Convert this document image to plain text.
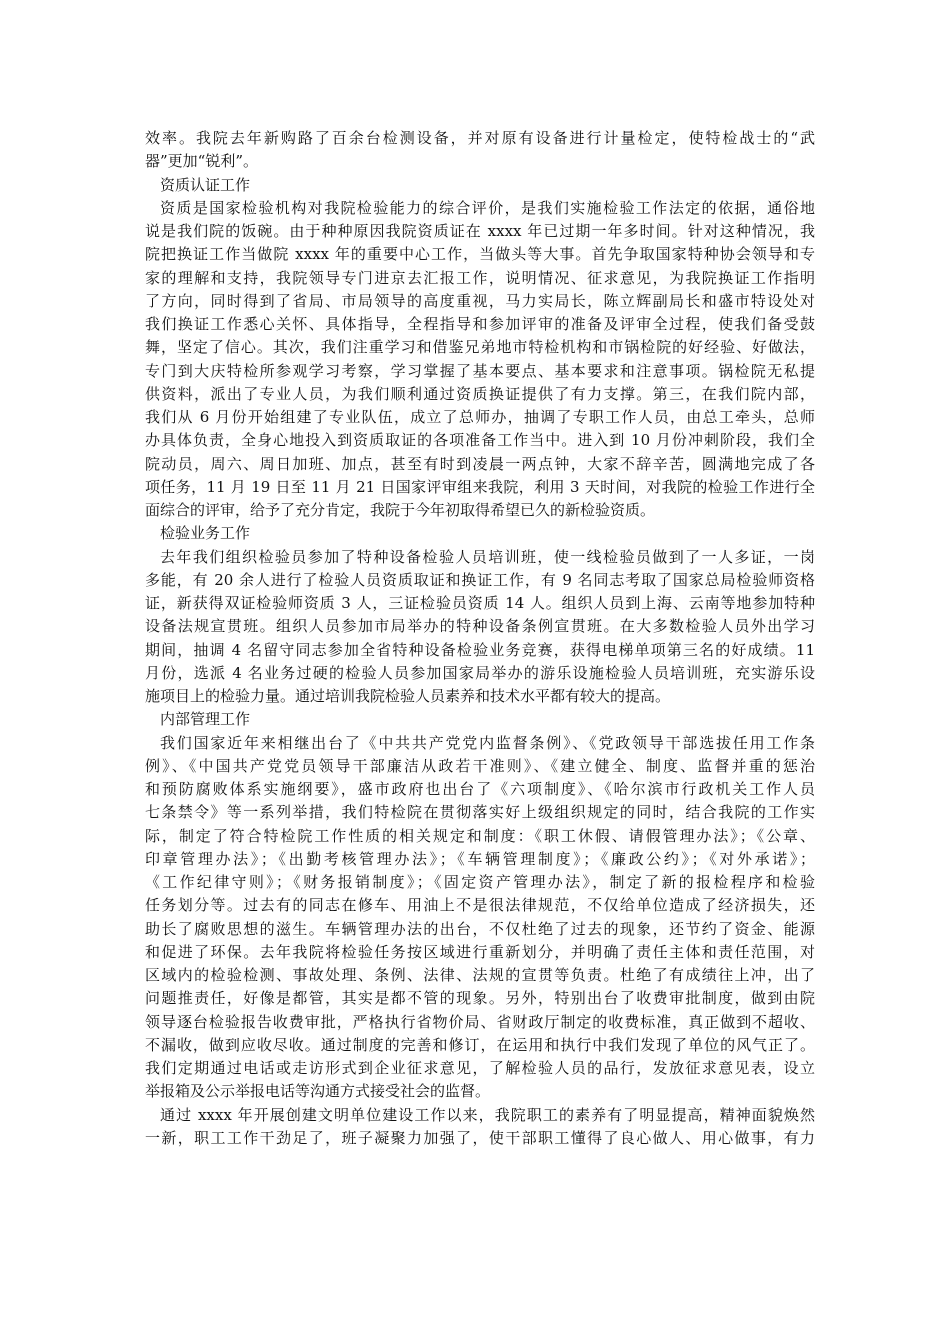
效率。我院去年新购路了百余台检测设备，并对原有设备进行计量检定，使特检战士的“武
器”更加“锐利”。
资质认证工作
资质是国家检验机构对我院检验能力的综合评价，是我们实施检验工作法定的依据，通俗地
说是我们院的饭碗。由于种种原因我院资质证在 xxxx 年已过期一年多时间。针对这种情况，我
院把换证工作当做院 xxxx 年的重要中心工作，当做头等大事。首先争取国家特种协会领导和专
家的理解和支持，我院领导专门进京去汇报工作，说明情况、征求意见，为我院换证工作指明
了方向，同时得到了省局、市局领导的高度重视，马力实局长，陈立辉副局长和盛市特设处对
我们换证工作悉心关怀、具体指导，全程指导和参加评审的准备及评审全过程，使我们备受鼓
舞，坚定了信心。其次，我们注重学习和借鉴兄弟地市特检机构和市锅检院的好经验、好做法，
专门到大庆特检所参观学习考察，学习掌握了基本要点、基本要求和注意事项。锅检院无私提
供资料，派出了专业人员，为我们顺利通过资质换证提供了有力支撑。第三，在我们院内部，
我们从 6 月份开始组建了专业队伍，成立了总师办，抽调了专职工作人员，由总工牵头，总师
办具体负责，全身心地投入到资质取证的各项准备工作当中。进入到 10 月份冲刺阶段，我们全
院动员，周六、周日加班、加点，甚至有时到凌晨一两点钟，大家不辞辛苦，圆满地完成了各
项任务，11 月 19 日至 11 月 21 日国家评审组来我院，利用 3 天时间，对我院的检验工作进行全
面综合的评审，给予了充分肯定，我院于今年初取得希望已久的新检验资质。
检验业务工作
去年我们组织检验员参加了特种设备检验人员培训班，使一线检验员做到了一人多证，一岗
多能，有 20 余人进行了检验人员资质取证和换证工作，有 9 名同志考取了国家总局检验师资格
证，新获得双证检验师资质 3 人，三证检验员资质 14 人。组织人员到上海、云南等地参加特种
设备法规宣贯班。组织人员参加市局举办的特种设备条例宣贯班。在大多数检验人员外出学习
期间，抽调 4 名留守同志参加全省特种设备检验业务竞赛，获得电梯单项第三名的好成绩。11
月份，选派 4 名业务过硬的检验人员参加国家局举办的游乐设施检验人员培训班，充实游乐设
施项目上的检验力量。通过培训我院检验人员素养和技术水平都有较大的提高。
内部管理工作
我们国家近年来相继出台了《中共共产党党内监督条例》、《党政领导干部选拔任用工作条
例》、《中国共产党党员领导干部廉洁从政若干准则》、《建立健全、制度、监督并重的惩治
和预防腐败体系实施纲要》，盛市政府也出台了《六项制度》、《哈尔滨市行政机关工作人员
七条禁令》等一系列举措，我们特检院在贯彻落实好上级组织规定的同时，结合我院的工作实
际，制定了符合特检院工作性质的相关规定和制度：《职工休假、请假管理办法》；《公章、
印章管理办法》；《出勤考核管理办法》；《车辆管理制度》；《廉政公约》；《对外承诺》；
《工作纪律守则》；《财务报销制度》；《固定资产管理办法》，制定了新的报检程序和检验
任务划分等。过去有的同志在修车、用油上不是很法律规范，不仅给单位造成了经济损失，还
助长了腐败思想的滋生。车辆管理办法的出台，不仅杜绝了过去的现象，还节约了资金、能源
和促进了环保。去年我院将检验任务按区域进行重新划分，并明确了责任主体和责任范围，对
区域内的检验检测、事故处理、条例、法律、法规的宣贯等负责。杜绝了有成绩往上冲，出了
问题推责任，好像是都管，其实是都不管的现象。另外，特别出台了收费审批制度，做到由院
领导逐台检验报告收费审批，严格执行省物价局、省财政厅制定的收费标准，真正做到不超收、
不漏收，做到应收尽收。通过制度的完善和修订，在运用和执行中我们发现了单位的风气正了。
我们定期通过电话或走访形式到企业征求意见，了解检验人员的品行，发放征求意见表，设立
举报箱及公示举报电话等沟通方式接受社会的监督。
通过 xxxx 年开展创建文明单位建设工作以来，我院职工的素养有了明显提高，精神面貌焕然
一新，职工工作干劲足了，班子凝聚力加强了，使干部职工懂得了良心做人、用心做事，有力
